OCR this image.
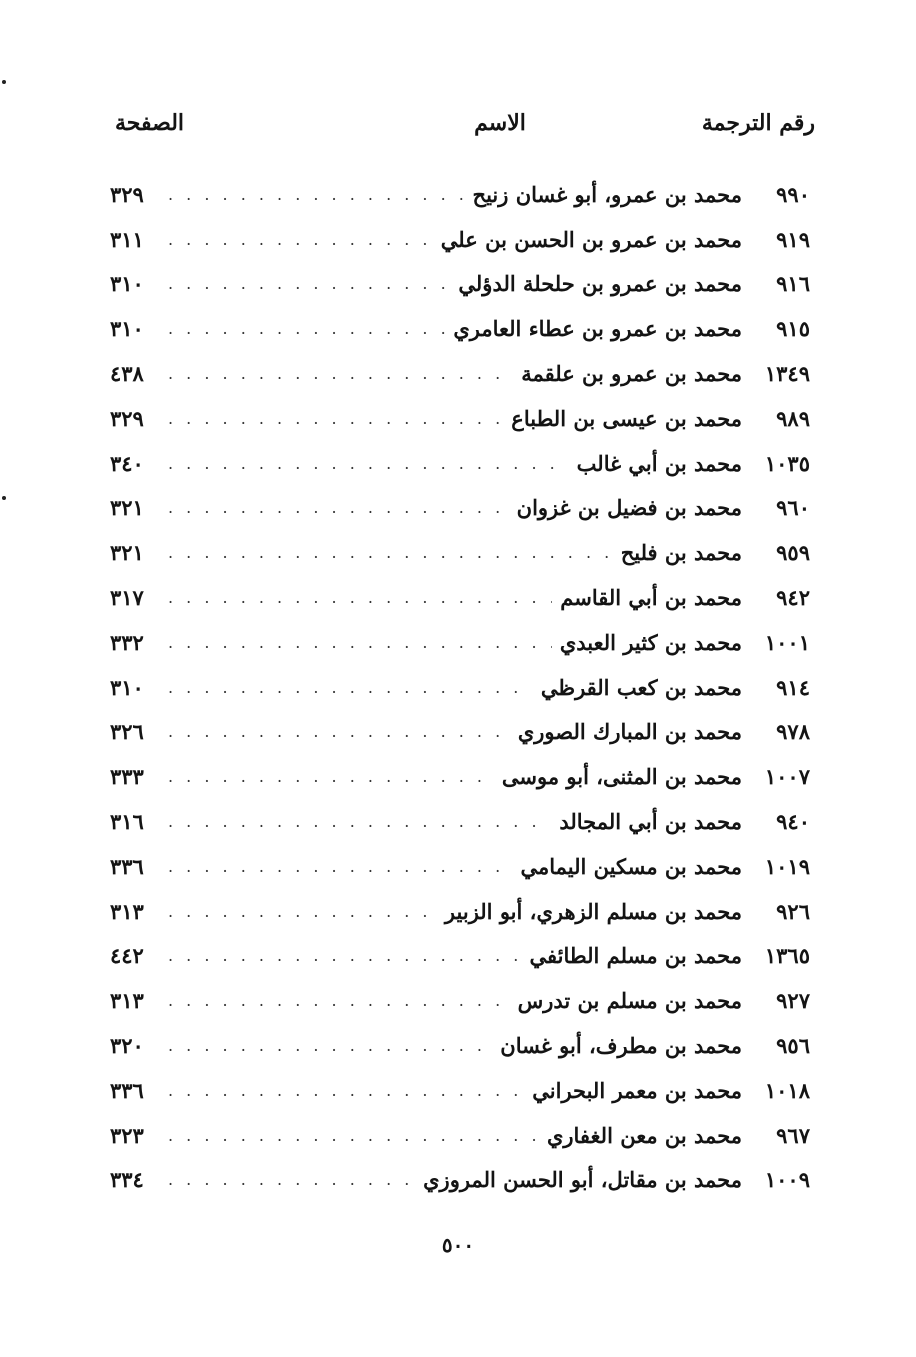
رقم الترجمة
الاسم
الصفحة
٩٩٠
محمد بن عمرو، أبو غسان زنيح
. . .
٣٢٩
٩١٩
محمد بن عمرو بن الحسن بن علي
. . .
٣١١
٩١٦
محمد بن عمرو بن حلحلة الدؤلي
. . .
٣١٠
٩١٥
محمد بن عمرو بن عطاء العامري
. . .
٣١٠
١٣٤٩
محمد بن عمرو بن علقمة
. . .
٤٣٨
٩٨٩
محمد بن عيسى بن الطباع
. . .
٣٢٩
١٠٣٥
محمد بن أبي غالب
. . .
٣٤٠
٩٦٠
محمد بن فضيل بن غزوان
. . .
٣٢١
٩٥٩
محمد بن فليح
. . .
٣٢١
٩٤٢
محمد بن أبي القاسم
. . .
٣١٧
١٠٠١
محمد بن كثير العبدي
. . .
٣٣٢
٩١٤
محمد بن كعب القرظي
. . .
٣١٠
٩٧٨
محمد بن المبارك الصوري
. . .
٣٢٦
١٠٠٧
محمد بن المثنى، أبو موسى
. . .
٣٣٣
٩٤٠
محمد بن أبي المجالد
. . .
٣١٦
١٠١٩
محمد بن مسكين اليمامي
. . .
٣٣٦
٩٢٦
محمد بن مسلم الزهري، أبو الزبير
. . .
٣١٣
١٣٦٥
محمد بن مسلم الطائفي
. . .
٤٤٢
٩٢٧
محمد بن مسلم بن تدرس
. . .
٣١٣
٩٥٦
محمد بن مطرف، أبو غسان
. . .
٣٢٠
١٠١٨
محمد بن معمر البحراني
. . .
٣٣٦
٩٦٧
محمد بن معن الغفاري
. . .
٣٢٣
١٠٠٩
محمد بن مقاتل، أبو الحسن المروزي
. . .
٣٣٤
٥٠٠
